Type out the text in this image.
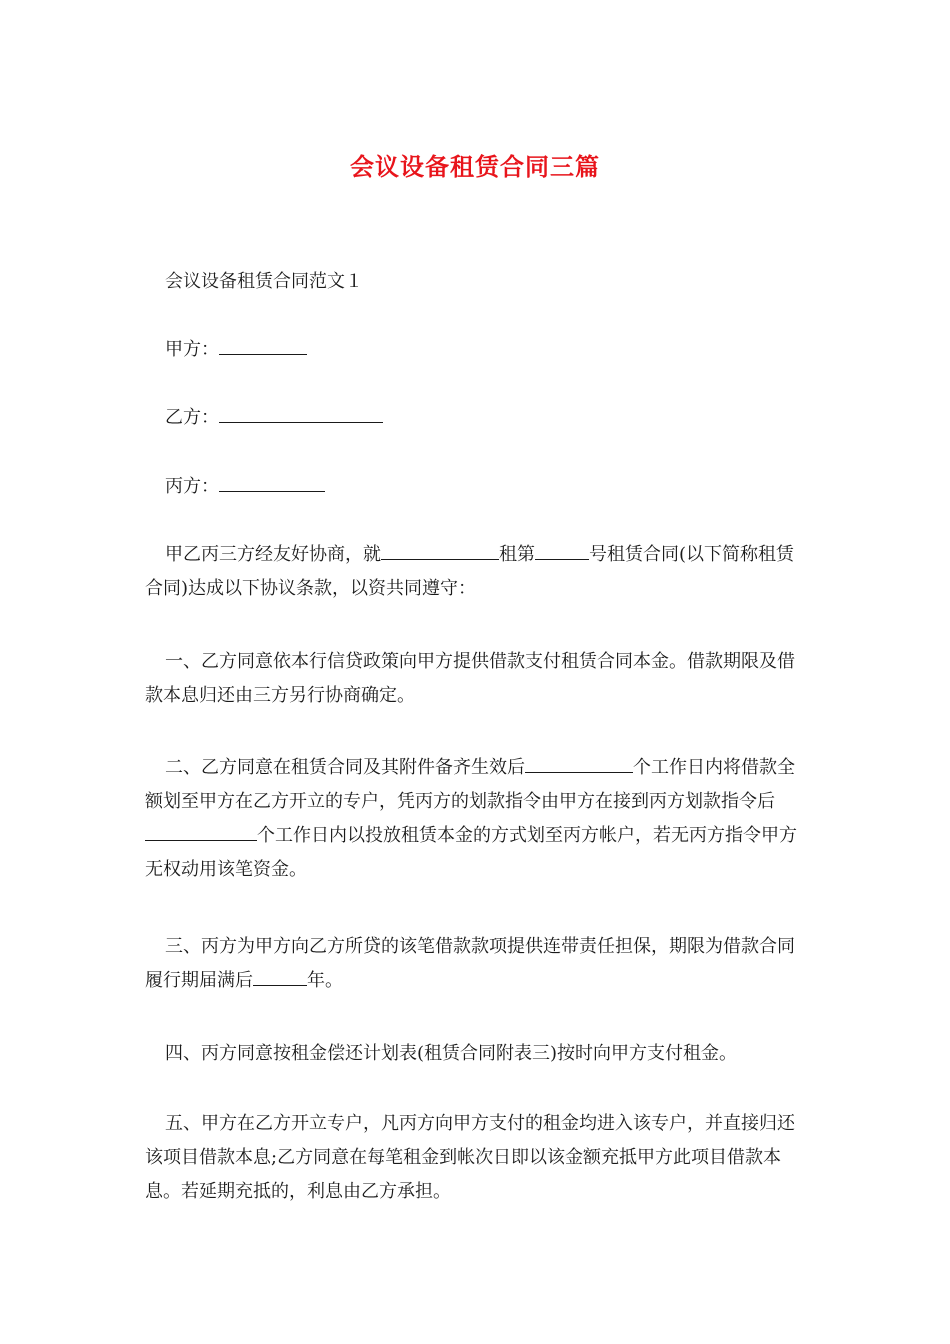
会议设备租赁合同三篇

会议设备租赁合同范文１

甲方：

乙方：

丙方：

甲乙丙三方经友好协商，就	租第	号租赁合同(以下简称租赁合同)达成以下协议条款，以资共同遵守：

一、乙方同意依本行信贷政策向甲方提供借款支付租赁合同本金。借款期限及借款本息归还由三方另行协商确定。

二、乙方同意在租赁合同及其附件备齐生效后	个工作日内将借款全额划至甲方在乙方开立的专户，凭丙方的划款指令由甲方在接到丙方划款指令后个工作日内以投放租赁本金的方式划至丙方帐户，若无丙方指令甲方无权动用该笔资金。

三、丙方为甲方向乙方所贷的该笔借款款项提供连带责任担保，期限为借款合同履行期届满后	年。

四、丙方同意按租金偿还计划表(租赁合同附表三)按时向甲方支付租金。

五、甲方在乙方开立专户，凡丙方向甲方支付的租金均进入该专户，并直接归还该项目借款本息;乙方同意在每笔租金到帐次日即以该金额充抵甲方此项目借款本息。若延期充抵的，利息由乙方承担。
